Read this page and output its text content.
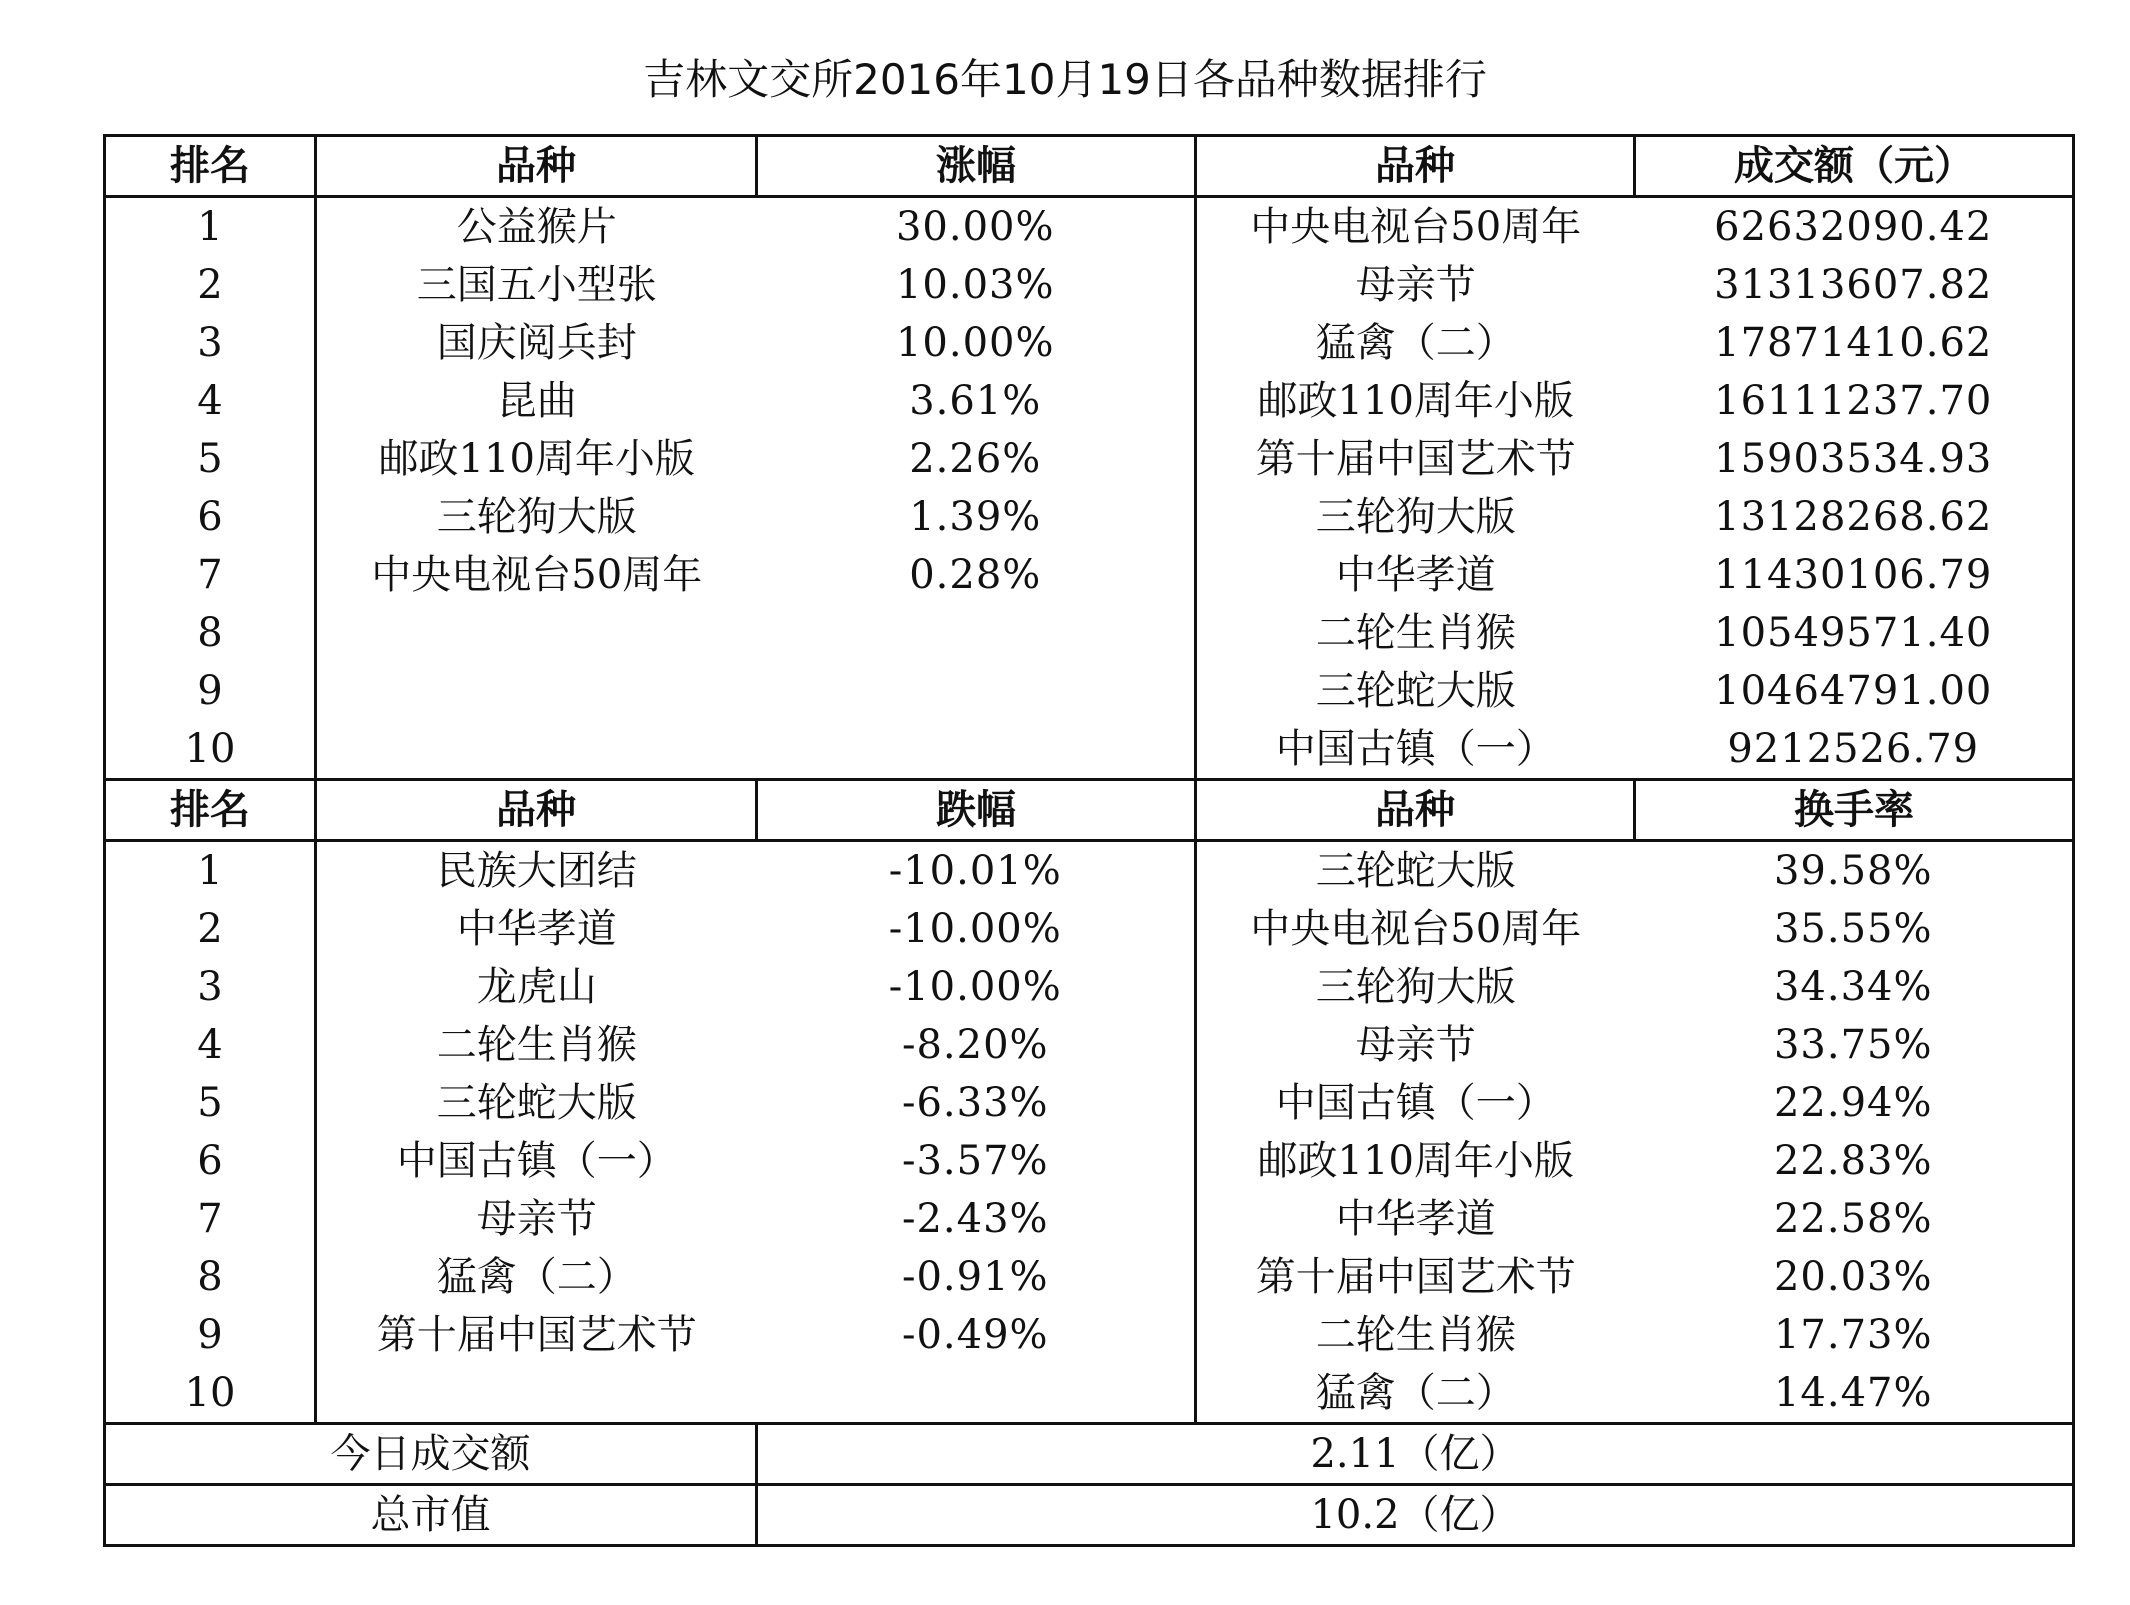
吉林文交所2016年10月19日各品种数据排行
排名	品种	涨幅	品种	成交额（元）
1	公益猴片	30.00%	中央电视台50周年	62632090.42
2	三国五小型张	10.03%	母亲节	31313607.82
3	国庆阅兵封	10.00%	猛禽（二）	17871410.62
4	昆曲	3.61%	邮政110周年小版	16111237.70
5	邮政110周年小版	2.26%	第十届中国艺术节	15903534.93
6	三轮狗大版	1.39%	三轮狗大版	13128268.62
7	中央电视台50周年	0.28%	中华孝道	11430106.79
8			二轮生肖猴	10549571.40
9			三轮蛇大版	10464791.00
10			中国古镇（一）	9212526.79
排名	品种	跌幅	品种	换手率
1	民族大团结	-10.01%	三轮蛇大版	39.58%
2	中华孝道	-10.00%	中央电视台50周年	35.55%
3	龙虎山	-10.00%	三轮狗大版	34.34%
4	二轮生肖猴	-8.20%	母亲节	33.75%
5	三轮蛇大版	-6.33%	中国古镇（一）	22.94%
6	中国古镇（一）	-3.57%	邮政110周年小版	22.83%
7	母亲节	-2.43%	中华孝道	22.58%
8	猛禽（二）	-0.91%	第十届中国艺术节	20.03%
9	第十届中国艺术节	-0.49%	二轮生肖猴	17.73%
10			猛禽（二）	14.47%
今日成交额		2.11（亿）		
总市值		10.2（亿）		
